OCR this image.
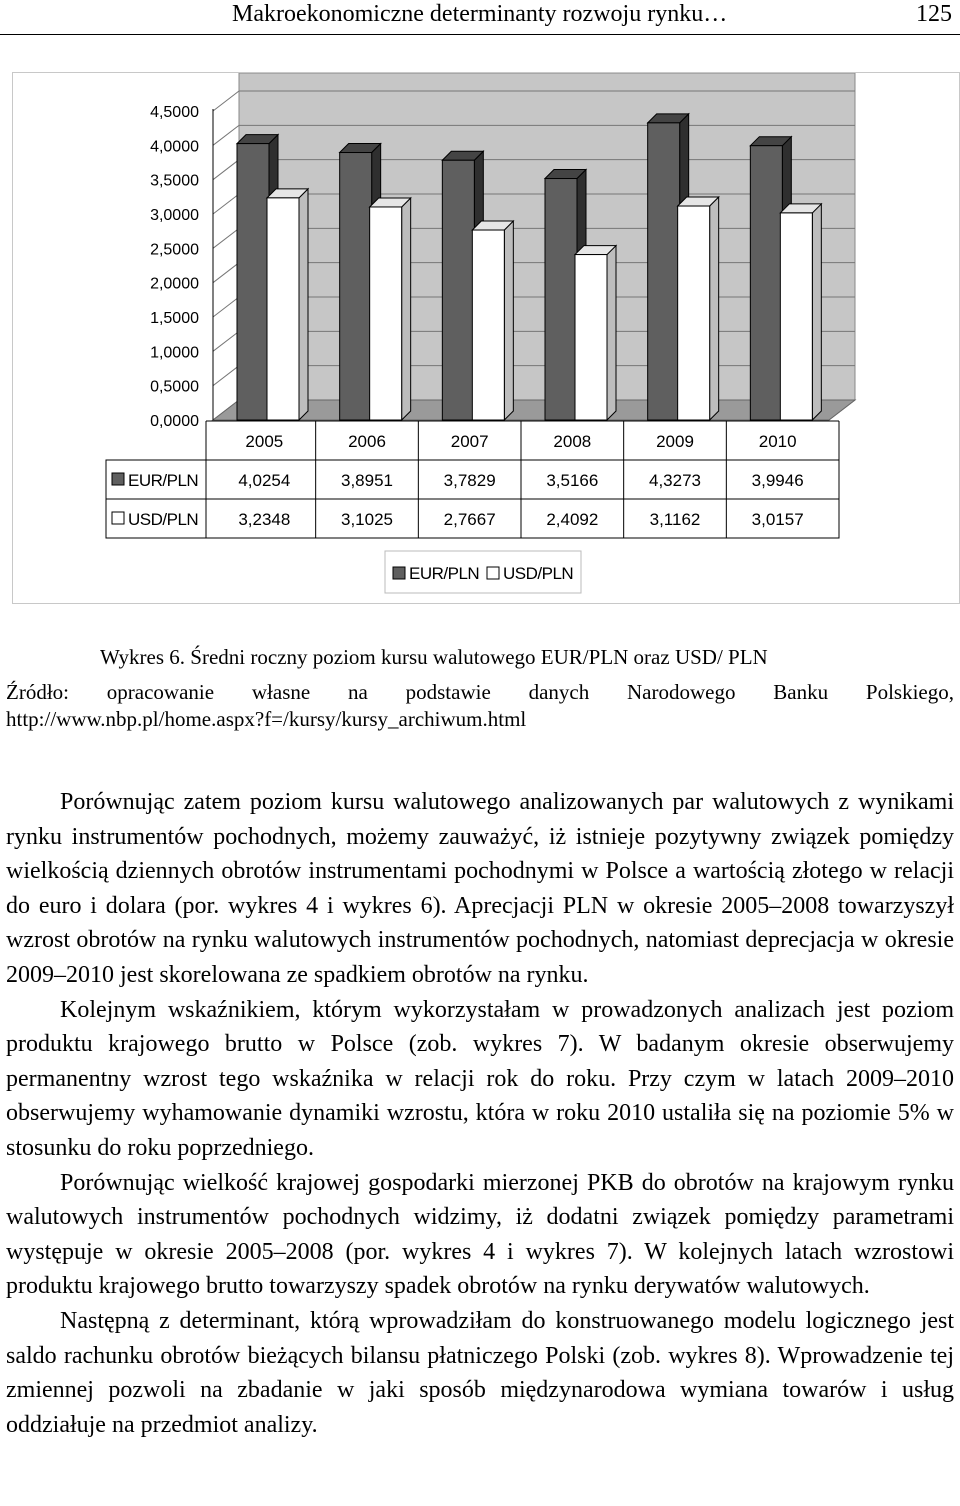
Makroekonomiczne determinanty rozwoju rynku…	125
4,5000
4,0000
3,5000
3,0000
2,5000
2,0000
1,5000
1,0000
0,5000
0,0000
2005	2006	2007	2008	2009	2010
EUR/PLN 4,0254	3,8951	3,7829	3,5166	4,3273	3,9946
USD/PLN 3,2348	3,1025	2,7667	2,4092	3,1162	3,0157
EUR/PLN USD/PLN
Wykres 6. Średni roczny poziom kursu walutowego EUR/PLN oraz USD/ PLN
Źródło: opracowanie własne na podstawie danych Narodowego Banku Polskiego,
http://www.nbp.pl/home.aspx?f=/kursy/kursy_archiwum.html

Porównując zatem poziom kursu walutowego analizowanych par walutowych z wynikami rynku instrumentów pochodnych, możemy zauważyć, iż istnieje pozytywny związek pomiędzy wielkością dziennych obrotów instrumentami pochodnymi w Polsce a wartością złotego w relacji do euro i dolara (por. wykres 4 i wykres 6). Aprecjacji PLN w okresie 2005–2008 towarzyszył wzrost obrotów na rynku walutowych instrumentów pochodnych, natomiast deprecjacja w okresie 2009–2010 jest skorelowana ze spadkiem obrotów na rynku.

Kolejnym wskaźnikiem, którym wykorzystałam w prowadzonych analizach jest poziom produktu krajowego brutto w Polsce (zob. wykres 7). W badanym okresie obserwujemy permanentny wzrost tego wskaźnika w relacji rok do roku. Przy czym w latach 2009–2010 obserwujemy wyhamowanie dynamiki wzrostu, która w roku 2010 ustaliła się na poziomie 5% w stosunku do roku poprzedniego.

Porównując wielkość krajowej gospodarki mierzonej PKB do obrotów na krajowym rynku walutowych instrumentów pochodnych widzimy, iż dodatni związek pomiędzy parametrami występuje w okresie 2005–2008 (por. wykres 4 i wykres 7). W kolejnych latach wzrostowi produktu krajowego brutto towarzyszy spadek obrotów na rynku derywatów walutowych.

Następną z determinant, którą wprowadziłam do konstruowanego modelu logicznego jest saldo rachunku obrotów bieżących bilansu płatniczego Polski (zob. wykres 8). Wprowadzenie tej zmiennej pozwoli na zbadanie w jaki sposób międzynarodowa wymiana towarów i usług oddziałuje na przedmiot analizy.
